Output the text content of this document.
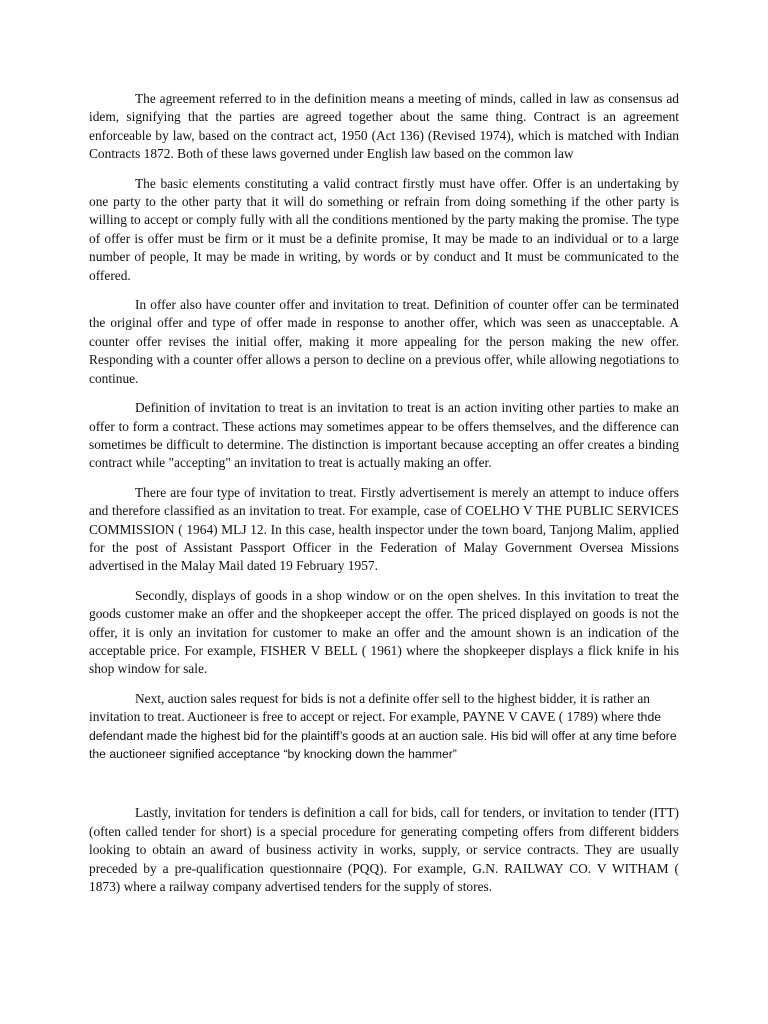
The agreement referred to in the definition means a meeting of minds, called in law as consensus ad idem, signifying that the parties are agreed together about the same thing. Contract is an agreement enforceable by law, based on the contract act, 1950 (Act 136) (Revised 1974), which is matched with Indian Contracts 1872. Both of these laws governed under English law based on the common law

The basic elements constituting a valid contract firstly must have offer. Offer is an undertaking by one party to the other party that it will do something or refrain from doing something if the other party is willing to accept or comply fully with all the conditions mentioned by the party making the promise. The type of offer is offer must be firm or it must be a definite promise, It may be made to an individual or to a large number of people, It may be made in writing, by words or by conduct and It must be communicated to the offered.

In offer also have counter offer and invitation to treat. Definition of counter offer can be terminated the original offer and type of offer made in response to another offer, which was seen as unacceptable. A counter offer revises the initial offer, making it more appealing for the person making the new offer. Responding with a counter offer allows a person to decline on a previous offer, while allowing negotiations to continue.

Definition of invitation to treat is an invitation to treat is an action inviting other parties to make an offer to form a contract. These actions may sometimes appear to be offers themselves, and the difference can sometimes be difficult to determine. The distinction is important because accepting an offer creates a binding contract while "accepting" an invitation to treat is actually making an offer.

There are four type of invitation to treat. Firstly advertisement is merely an attempt to induce offers and therefore classified as an invitation to treat. For example, case of COELHO V THE PUBLIC SERVICES COMMISSION ( 1964) MLJ 12. In this case, health inspector under the town board, Tanjong Malim, applied for the post of Assistant Passport Officer in the Federation of Malay Government Oversea Missions advertised in the Malay Mail dated 19 February 1957.

Secondly, displays of goods in a shop window or on the open shelves. In this invitation to treat the goods customer make an offer and the shopkeeper accept the offer. The priced displayed on goods is not the offer, it is only an invitation for customer to make an offer and the amount shown is an indication of the acceptable price. For example, FISHER V BELL ( 1961) where the shopkeeper displays a flick knife in his shop window for sale.

Next, auction sales request for bids is not a definite offer sell to the highest bidder, it is rather an invitation to treat. Auctioneer is free to accept or reject. For example, PAYNE V CAVE ( 1789) where thde defendant made the highest bid for the plaintiff’s goods at an auction sale. His bid will offer at any time before the auctioneer signified acceptance “by knocking down the hammer”

Lastly, invitation for tenders is definition a call for bids, call for tenders, or invitation to tender (ITT) (often called tender for short) is a special procedure for generating competing offers from different bidders looking to obtain an award of business activity in works, supply, or service contracts. They are usually preceded by a pre-qualification questionnaire (PQQ). For example, G.N. RAILWAY CO. V WITHAM ( 1873) where a railway company advertised tenders for the supply of stores.
